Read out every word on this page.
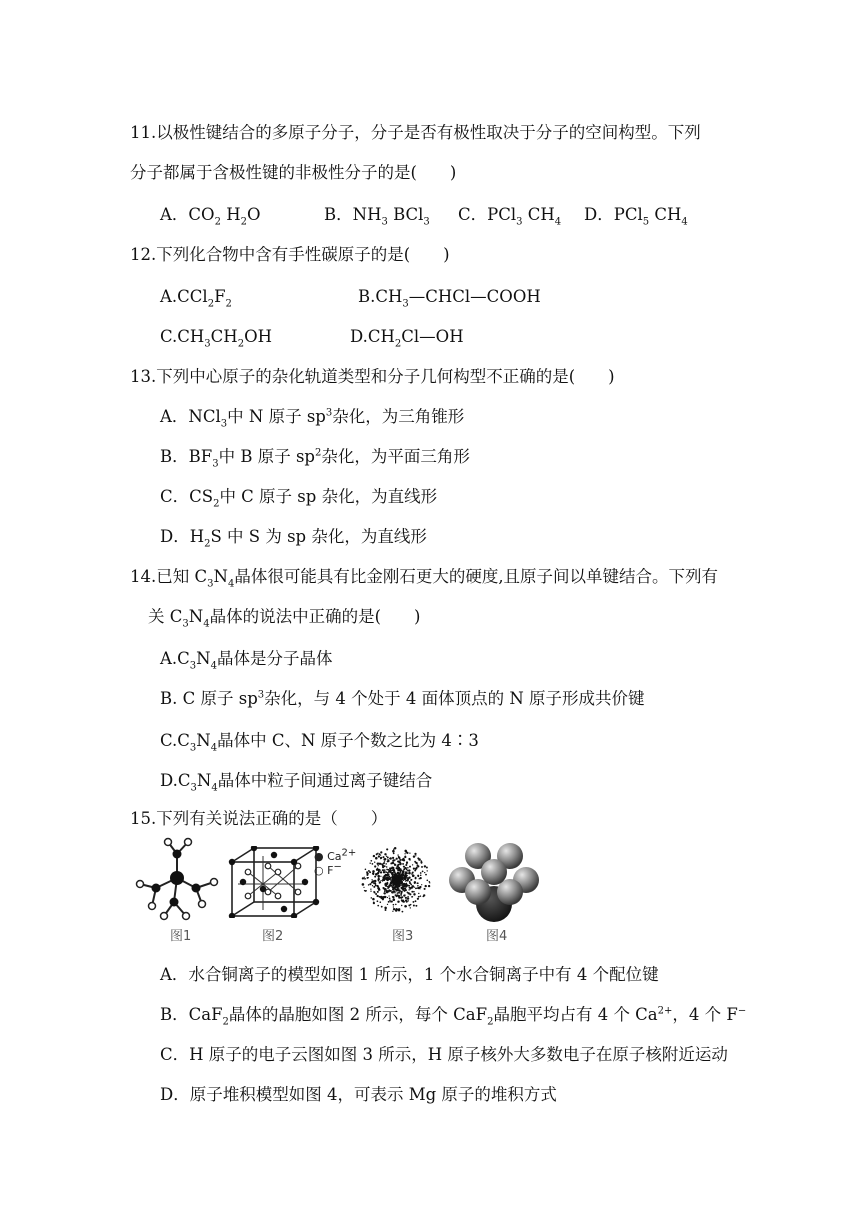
11.以极性键结合的多原子分子，分子是否有极性取决于分子的空间构型。下列
分子都属于含极性键的非极性分子的是(　　)
A．$CO_2$ $H_2O$	B．$NH_3$ BCl$_3$ C．PCl$_3$ $CH_4$ D．PCl$_5$ $CH_4$
12.下列化合物中含有手性碳原子的是(　　)
$A.CCl_2F_2$	$B.CH_3—CHCl—COOH$
$C.CH_3CH_2OH$	$D.CH_2Cl—OH$
13.下列中心原子的杂化轨道类型和分子几何构型不正确的是(　　)
A．NCl$_3$中 N 原子 $sp^3$杂化，为三角锥形
B．$BF_3$中 B 原子 $sp^2$杂化，为平面三角形
C．$CS_2$中 C 原子 sp 杂化，为直线形
D．$H_2S$ 中 S 为 sp 杂化，为直线形
14.已知 $C_3N_4$晶体很可能具有比金刚石更大的硬度,且原子间以单键结合。下列有
关 $C_3N_4$晶体的说法中正确的是(　　)
$A.C_3N_4$晶体是分子晶体
B. C 原子 $sp^3$杂化，与 4 个处于 4 面体顶点的 N 原子形成共价键
$C.C_3N_4$晶体中 C、N 原子个数之比为 4∶3
$D.C_3N_4$晶体中粒子间通过离子键结合
15.下列有关说法正确的是（　　）
● $Ca^{2+}$
○ F−
图1	图2	图3	图4
A．水合铜离子的模型如图 1 所示，1 个水合铜离子中有 4 个配位键
B．CaF$_2$晶体的晶胞如图 2 所示，每个 CaF$_2$晶胞平均占有 4 个 $Ca^{2+}$，4 个 F−
C．H 原子的电子云图如图 3 所示，H 原子核外大多数电子在原子核附近运动
D．原子堆积模型如图 4，可表示 Mg 原子的堆积方式
